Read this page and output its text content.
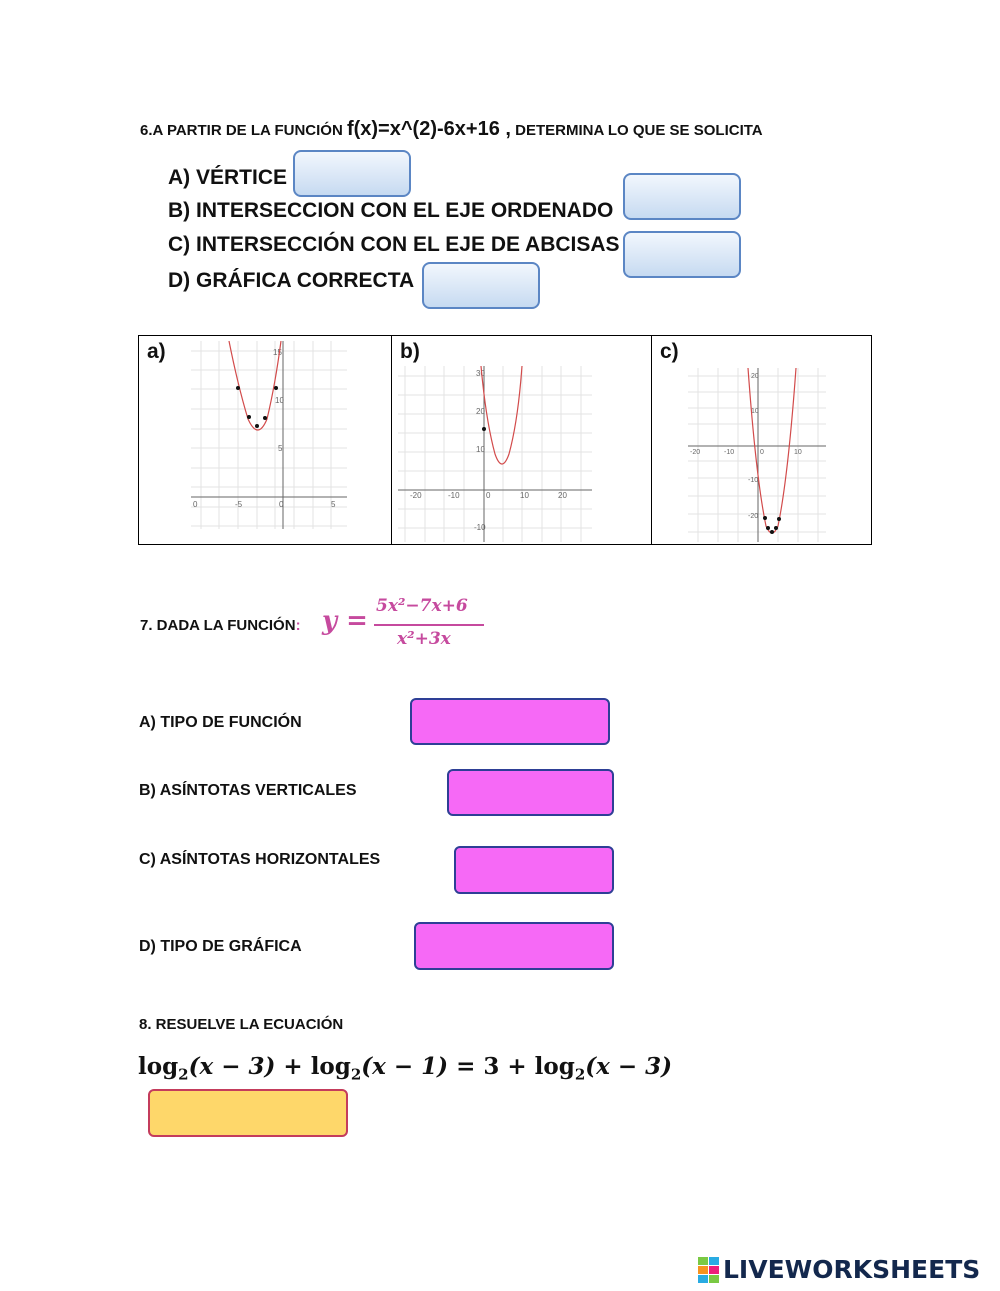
6.A PARTIR DE LA FUNCIÓN f(x)=x^(2)-6x+16 , DETERMINA LO QUE SE SOLICITA
A) VÉRTICE
B) INTERSECCION CON EL EJE ORDENADO
C) INTERSECCIÓN CON EL EJE DE ABCISAS
D) GRÁFICA CORRECTA
a)	15
10
5
0	-5	0	5

b)
30
20
10
-10
-20	-10	0	10	20

c)
20
10
-10
-20
-20	-10	0	10
7. DADA LA FUNCIÓN: y = 5x²−7x+6
x²+3x
A) TIPO DE FUNCIÓN
B) ASÍNTOTAS VERTICALES
C) ASÍNTOTAS HORIZONTALES
D) TIPO DE GRÁFICA
8. RESUELVE LA ECUACIÓN
$\log_2(x - 3) + \log_2(x - 1) = 3 + \log_2(x - 3)$
LIVEWORKSHEETS
